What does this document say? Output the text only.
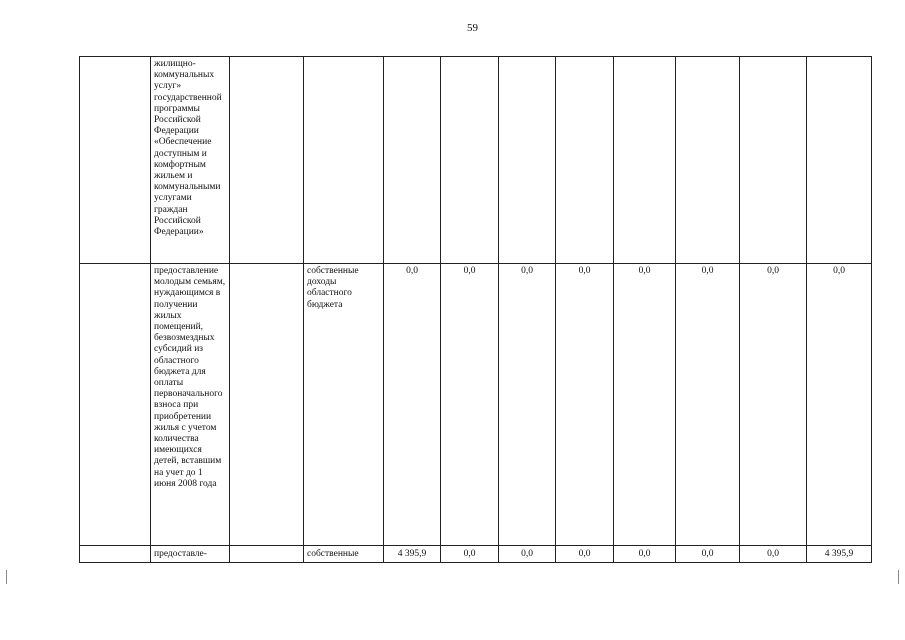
59
	жилищно-коммунальных услуг» государственной программы Российской Федерации «Обеспечение доступным и комфортным жильем и коммунальными услугами граждан Российской Федерации»										
	предоставление молодым семьям, нуждающимся в получении жилых помещений, безвозмездных субсидий из областного бюджета для оплаты первоначального взноса при приобретении жилья с учетом количества имеющихся детей, вставшим на учет до 1 июня 2008 года		собственные доходы областного бюджета	0,0	0,0	0,0	0,0	0,0	0,0	0,0	0,0
	предоставле-		собственные	4 395,9	0,0	0,0	0,0	0,0	0,0	0,0	4 395,9
